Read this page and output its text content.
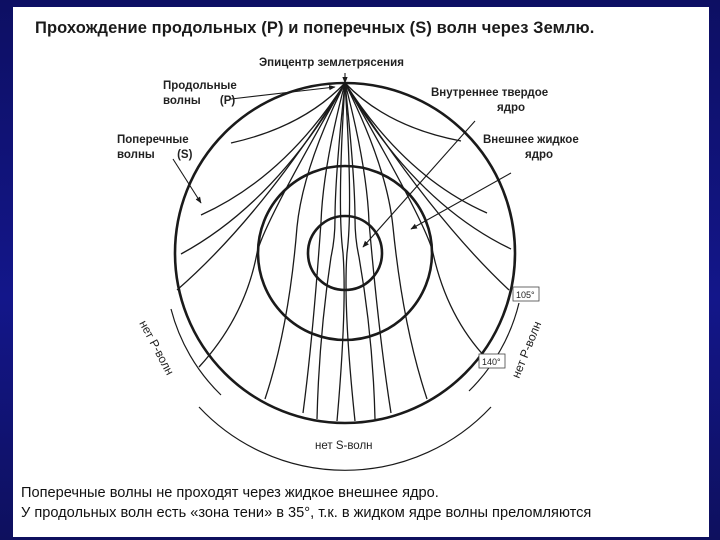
Прохождение продольных (Р) и поперечных (S) волн через Землю.
Эпицентр землетрясения
Продольные
волны      (Р)
Поперечные
волны       (S)
Внутреннее твердое
ядро
Внешнее жидкое
ядро
105°
140°
нет Р-волн	нет Р-волн
нет S-волн
Поперечные волны не проходят через жидкое внешнее ядро.
У продольных волн есть «зона тени» в 35°, т.к. в жидком ядре волны преломляются
